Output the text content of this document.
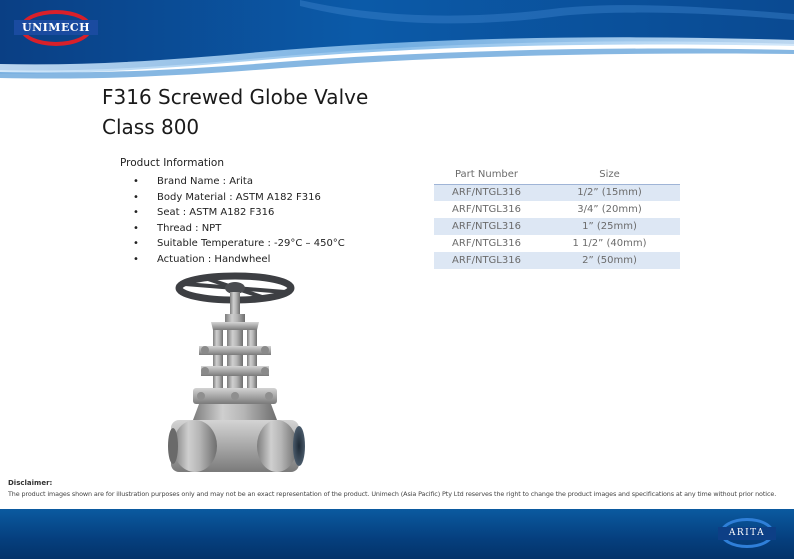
UNIMECH
F316 Screwed Globe Valve
Class 800
Product Information
• Brand Name : Arita
• Body Material : ASTM A182 F316
• Seat : ASTM A182 F316
• Thread : NPT
• Suitable Temperature : -29°C – 450°C
• Actuation : Handwheel
Part Number	Size
ARF/NTGL316	1/2” (15mm)
ARF/NTGL316	3/4” (20mm)
ARF/NTGL316	1” (25mm)
ARF/NTGL316	1 1/2” (40mm)
ARF/NTGL316	2” (50mm)
Disclaimer:
The product images shown are for illustration purposes only and may not be an exact representation of the product. Unimech (Asia Pacific) Pty Ltd reserves the right to change the product images and specifications at any time without prior notice.
ARITA
